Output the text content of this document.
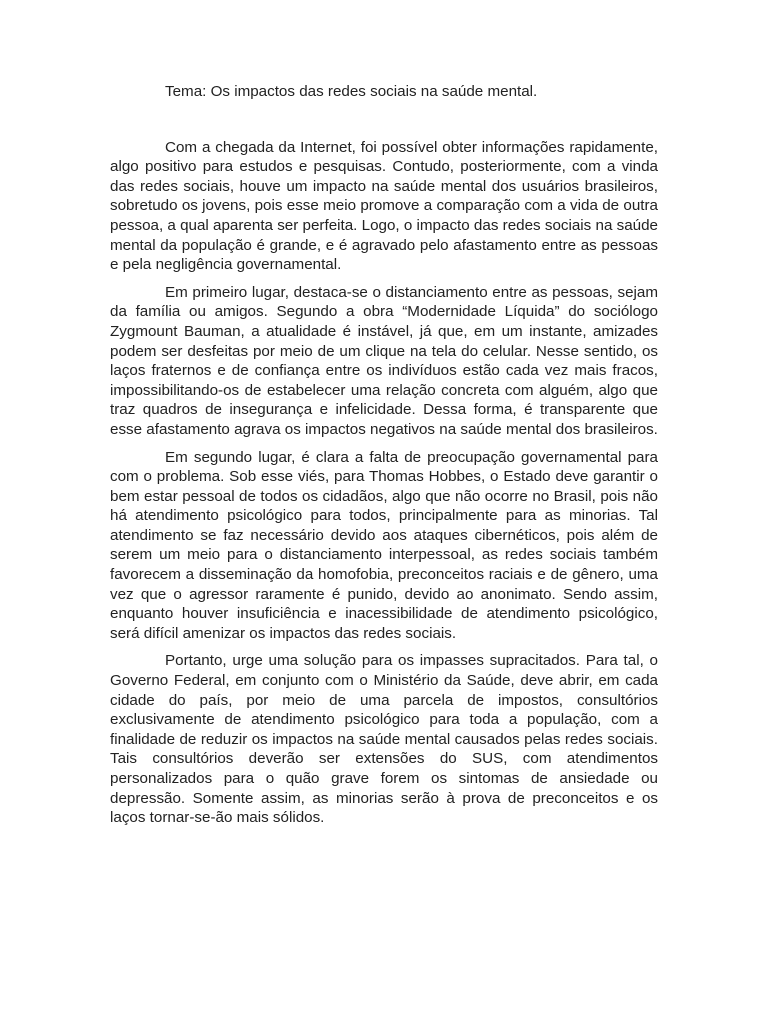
Tema: Os impactos das redes sociais na saúde mental.

Com a chegada da Internet, foi possível obter informações rapidamente, algo positivo para estudos e pesquisas. Contudo, posteriormente, com a vinda das redes sociais, houve um impacto na saúde mental dos usuários brasileiros, sobretudo os jovens, pois esse meio promove a comparação com a vida de outra pessoa, a qual aparenta ser perfeita. Logo, o impacto das redes sociais na saúde mental da população é grande, e é agravado pelo afastamento entre as pessoas e pela negligência governamental.

Em primeiro lugar, destaca-se o distanciamento entre as pessoas, sejam da família ou amigos. Segundo a obra “Modernidade Líquida” do sociólogo Zygmount Bauman, a atualidade é instável, já que, em um instante, amizades podem ser desfeitas por meio de um clique na tela do celular. Nesse sentido, os laços fraternos e de confiança entre os indivíduos estão cada vez mais fracos, impossibilitando-os de estabelecer uma relação concreta com alguém, algo que traz quadros de insegurança e infelicidade. Dessa forma, é transparente que esse afastamento agrava os impactos negativos na saúde mental dos brasileiros.

Em segundo lugar, é clara a falta de preocupação governamental para com o problema. Sob esse viés, para Thomas Hobbes, o Estado deve garantir o bem estar pessoal de todos os cidadãos, algo que não ocorre no Brasil, pois não há atendimento psicológico para todos, principalmente para as minorias. Tal atendimento se faz necessário devido aos ataques cibernéticos, pois além de serem um meio para o distanciamento interpessoal, as redes sociais também favorecem a disseminação da homofobia, preconceitos raciais e de gênero, uma vez que o agressor raramente é punido, devido ao anonimato. Sendo assim, enquanto houver insuficiência e inacessibilidade de atendimento psicológico, será difícil amenizar os impactos das redes sociais.

Portanto, urge uma solução para os impasses supracitados. Para tal, o Governo Federal, em conjunto com o Ministério da Saúde, deve abrir, em cada cidade do país, por meio de uma parcela de impostos, consultórios exclusivamente de atendimento psicológico para toda a população, com a finalidade de reduzir os impactos na saúde mental causados pelas redes sociais. Tais consultórios deverão ser extensões do SUS, com atendimentos personalizados para o quão grave forem os sintomas de ansiedade ou depressão. Somente assim, as minorias serão à prova de preconceitos e os laços tornar-se-ão mais sólidos.
